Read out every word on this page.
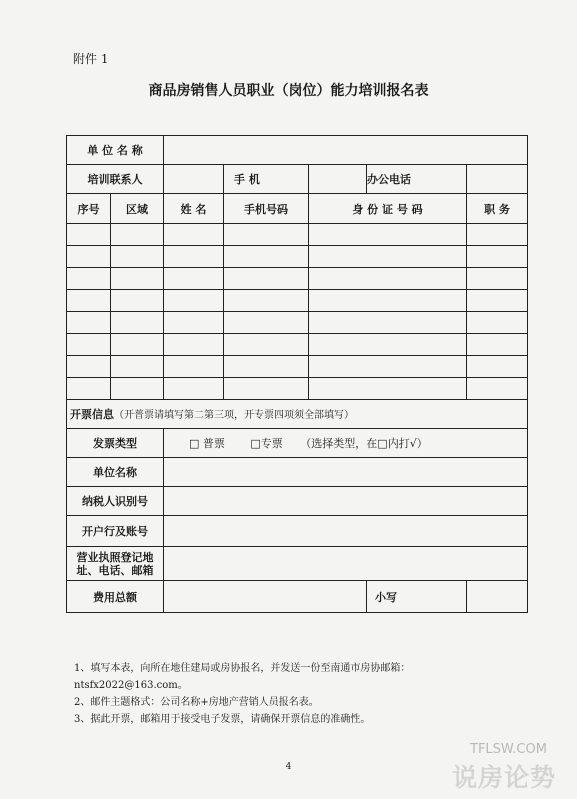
附件 1
商品房销售人员职业（岗位）能力培训报名表
单 位 名 称						
培训联系人			手 机		办公电话	
序号	区域	姓 名	手机号码	身 份 证 号 码		职 务

开票信息（开普票请填写第二第三项，开专票四项须全部填写）						
发票类型		□ 普票 □专票 （选择类型，在□内打√）				
单位名称						
纳税人识别号						
开户行及账号						
营业执照登记地址、电话、邮箱						
费用总额					小写	
1、填写本表，向所在地住建局或房协报名，并发送一份至南通市房协邮箱：
ntsfx2022@163.com。
2、邮件主题格式：公司名称+房地产营销人员报名表。
3、据此开票，邮箱用于接受电子发票，请确保开票信息的准确性。
4
TFLSW.COM
说房论势
